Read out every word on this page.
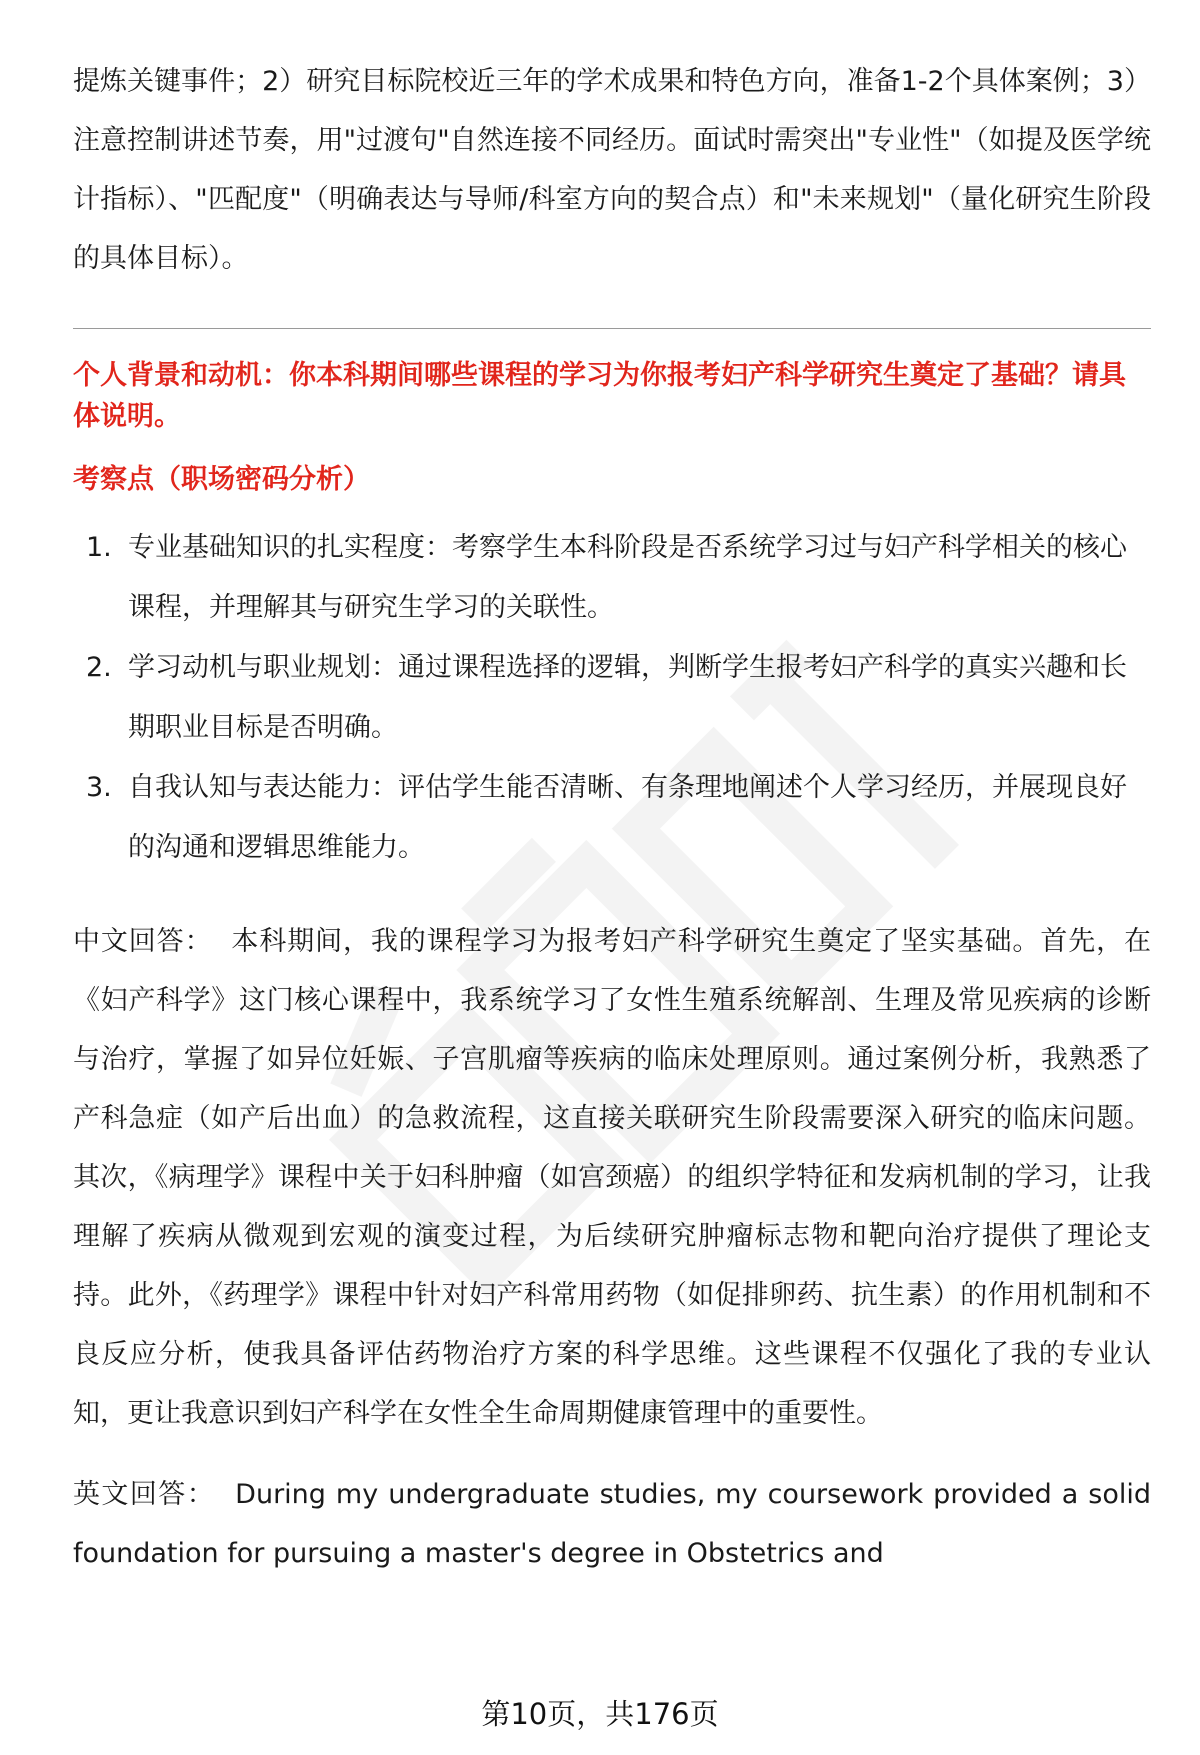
提炼关键事件；2）研究目标院校近三年的学术成果和特色方向，准备1-2个具体案例；3）注意控制讲述节奏，用"过渡句"自然连接不同经历。面试时需突出"专业性"（如提及医学统计指标）、"匹配度"（明确表达与导师/科室方向的契合点）和"未来规划"（量化研究生阶段的具体目标）。

个人背景和动机：你本科期间哪些课程的学习为你报考妇产科学研究生奠定了基础？请具体说明。

考察点（职场密码分析）

1. 专业基础知识的扎实程度：考察学生本科阶段是否系统学习过与妇产科学相关的核心课程，并理解其与研究生学习的关联性。
2. 学习动机与职业规划：通过课程选择的逻辑，判断学生报考妇产科学的真实兴趣和长期职业目标是否明确。
3. 自我认知与表达能力：评估学生能否清晰、有条理地阐述个人学习经历，并展现良好的沟通和逻辑思维能力。

中文回答： 本科期间，我的课程学习为报考妇产科学研究生奠定了坚实基础。首先，在《妇产科学》这门核心课程中，我系统学习了女性生殖系统解剖、生理及常见疾病的诊断与治疗，掌握了如异位妊娠、子宫肌瘤等疾病的临床处理原则。通过案例分析，我熟悉了产科急症（如产后出血）的急救流程，这直接关联研究生阶段需要深入研究的临床问题。其次，《病理学》课程中关于妇科肿瘤（如宫颈癌）的组织学特征和发病机制的学习，让我理解了疾病从微观到宏观的演变过程，为后续研究肿瘤标志物和靶向治疗提供了理论支持。此外，《药理学》课程中针对妇产科常用药物（如促排卵药、抗生素）的作用机制和不良反应分析，使我具备评估药物治疗方案的科学思维。这些课程不仅强化了我的专业认知，更让我意识到妇产科学在女性全生命周期健康管理中的重要性。

英文回答： During my undergraduate studies, my coursework provided a solid foundation for pursuing a master's degree in Obstetrics and

第10页，共176页
